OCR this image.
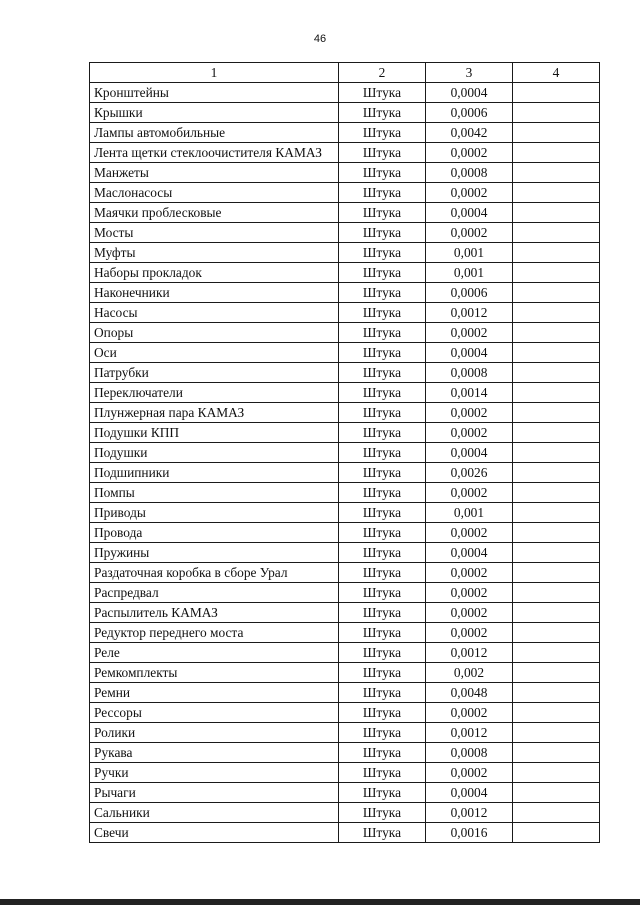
46
1	2	3	4
Кронштейны	Штука	0,0004	
Крышки	Штука	0,0006	
Лампы автомобильные	Штука	0,0042	
Лента щетки стеклоочистителя КАМАЗ	Штука	0,0002	
Манжеты	Штука	0,0008	
Маслонасосы	Штука	0,0002	
Маячки проблесковые	Штука	0,0004	
Мосты	Штука	0,0002	
Муфты	Штука	0,001	
Наборы прокладок	Штука	0,001	
Наконечники	Штука	0,0006	
Насосы	Штука	0,0012	
Опоры	Штука	0,0002	
Оси	Штука	0,0004	
Патрубки	Штука	0,0008	
Переключатели	Штука	0,0014	
Плунжерная пара КАМАЗ	Штука	0,0002	
Подушки КПП	Штука	0,0002	
Подушки	Штука	0,0004	
Подшипники	Штука	0,0026	
Помпы	Штука	0,0002	
Приводы	Штука	0,001	
Провода	Штука	0,0002	
Пружины	Штука	0,0004	
Раздаточная коробка в сборе Урал	Штука	0,0002	
Распредвал	Штука	0,0002	
Распылитель КАМАЗ	Штука	0,0002	
Редуктор переднего моста	Штука	0,0002	
Реле	Штука	0,0012	
Ремкомплекты	Штука	0,002	
Ремни	Штука	0,0048	
Рессоры	Штука	0,0002	
Ролики	Штука	0,0012	
Рукава	Штука	0,0008	
Ручки	Штука	0,0002	
Рычаги	Штука	0,0004	
Сальники	Штука	0,0012	
Свечи	Штука	0,0016	
